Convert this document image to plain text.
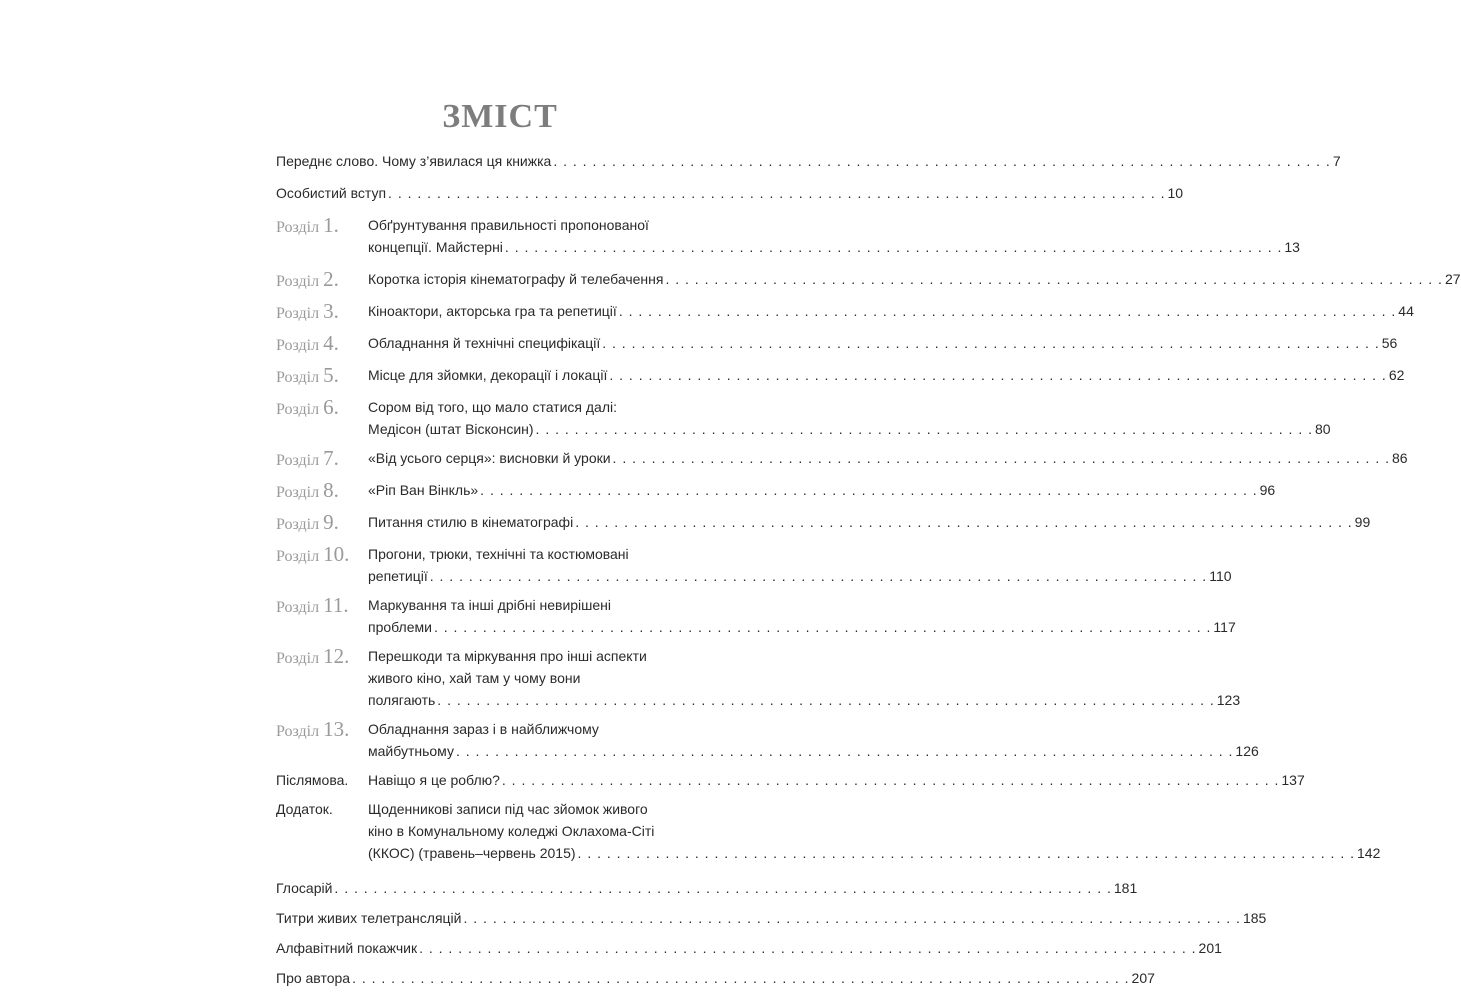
ЗМІСТ
Переднє слово. Чому з’явилася ця книжка . . . . . . . . . . . . . . . . . . . . . . . . . . . . . . . . . . . . . . . . . . . . . . . . . . . . . . . . . . . . . . . . . . . . . . . . . . . . . . . . 7
Особистий вступ . . . . . . . . . . . . . . . . . . . . . . . . . . . . . . . . . . . . . . . . . . . . . . . . . . . . . . . . . . . . . . . . . . . . . . . . . . . . . . . . 10
Розділ 1.	Обґрунтування правильності пропонованої
концепції. Майстерні . . . . . . . . . . . . . . . . . . . . . . . . . . . . . . . . . . . . . . . . . . . . . . . . . . . . . . . . . . . . . . . . . . . . . . . . . . . . . . . . 13
Розділ 2.	Коротка історія кінематографу й телебачення . . . . . . . . . . . . . . . . . . . . . . . . . . . . . . . . . . . . . . . . . . . . . . . . . . . . . . . . . . . . . . . . . . . . . . . . . . . . . . . . 27
Розділ 3.	Кіноактори, акторська гра та репетиції . . . . . . . . . . . . . . . . . . . . . . . . . . . . . . . . . . . . . . . . . . . . . . . . . . . . . . . . . . . . . . . . . . . . . . . . . . . . . . . . 44
Розділ 4.	Обладнання й технічні специфікації . . . . . . . . . . . . . . . . . . . . . . . . . . . . . . . . . . . . . . . . . . . . . . . . . . . . . . . . . . . . . . . . . . . . . . . . . . . . . . . . 56
Розділ 5.	Місце для зйомки, декорації і локації . . . . . . . . . . . . . . . . . . . . . . . . . . . . . . . . . . . . . . . . . . . . . . . . . . . . . . . . . . . . . . . . . . . . . . . . . . . . . . . . 62
Розділ 6.	Сором від того, що мало статися далі:
Медісон (штат Вісконсин) . . . . . . . . . . . . . . . . . . . . . . . . . . . . . . . . . . . . . . . . . . . . . . . . . . . . . . . . . . . . . . . . . . . . . . . . . . . . . . . . 80
Розділ 7.	«Від усього серця»: висновки й уроки . . . . . . . . . . . . . . . . . . . . . . . . . . . . . . . . . . . . . . . . . . . . . . . . . . . . . . . . . . . . . . . . . . . . . . . . . . . . . . . . 86
Розділ 8.	«Ріп Ван Вінкль» . . . . . . . . . . . . . . . . . . . . . . . . . . . . . . . . . . . . . . . . . . . . . . . . . . . . . . . . . . . . . . . . . . . . . . . . . . . . . . . . 96
Розділ 9.	Питання стилю в кінематографі . . . . . . . . . . . . . . . . . . . . . . . . . . . . . . . . . . . . . . . . . . . . . . . . . . . . . . . . . . . . . . . . . . . . . . . . . . . . . . . . 99
Розділ 10.	Прогони, трюки, технічні та костюмовані
репетиції . . . . . . . . . . . . . . . . . . . . . . . . . . . . . . . . . . . . . . . . . . . . . . . . . . . . . . . . . . . . . . . . . . . . . . . . . . . . . . . . 110
Розділ 11.	Маркування та інші дрібні невирішені
проблеми . . . . . . . . . . . . . . . . . . . . . . . . . . . . . . . . . . . . . . . . . . . . . . . . . . . . . . . . . . . . . . . . . . . . . . . . . . . . . . . . 117
Розділ 12.	Перешкоди та міркування про інші аспекти
живого кіно, хай там у чому вони
полягають . . . . . . . . . . . . . . . . . . . . . . . . . . . . . . . . . . . . . . . . . . . . . . . . . . . . . . . . . . . . . . . . . . . . . . . . . . . . . . . . 123
Розділ 13.	Обладнання зараз і в найближчому
майбутньому . . . . . . . . . . . . . . . . . . . . . . . . . . . . . . . . . . . . . . . . . . . . . . . . . . . . . . . . . . . . . . . . . . . . . . . . . . . . . . . . 126
Післямова.	Навіщо я це роблю? . . . . . . . . . . . . . . . . . . . . . . . . . . . . . . . . . . . . . . . . . . . . . . . . . . . . . . . . . . . . . . . . . . . . . . . . . . . . . . . . 137
Додаток.	Щоденникові записи під час зйомок живого
кіно в Комунальному коледжі Оклахома-Сіті
(ККОС) (травень–червень 2015) . . . . . . . . . . . . . . . . . . . . . . . . . . . . . . . . . . . . . . . . . . . . . . . . . . . . . . . . . . . . . . . . . . . . . . . . . . . . . . . . 142
Глосарій . . . . . . . . . . . . . . . . . . . . . . . . . . . . . . . . . . . . . . . . . . . . . . . . . . . . . . . . . . . . . . . . . . . . . . . . . . . . . . . . 181
Титри живих телетрансляцій . . . . . . . . . . . . . . . . . . . . . . . . . . . . . . . . . . . . . . . . . . . . . . . . . . . . . . . . . . . . . . . . . . . . . . . . . . . . . . . . 185
Алфавітний покажчик . . . . . . . . . . . . . . . . . . . . . . . . . . . . . . . . . . . . . . . . . . . . . . . . . . . . . . . . . . . . . . . . . . . . . . . . . . . . . . . . 201
Про автора . . . . . . . . . . . . . . . . . . . . . . . . . . . . . . . . . . . . . . . . . . . . . . . . . . . . . . . . . . . . . . . . . . . . . . . . . . . . . . . . 207
